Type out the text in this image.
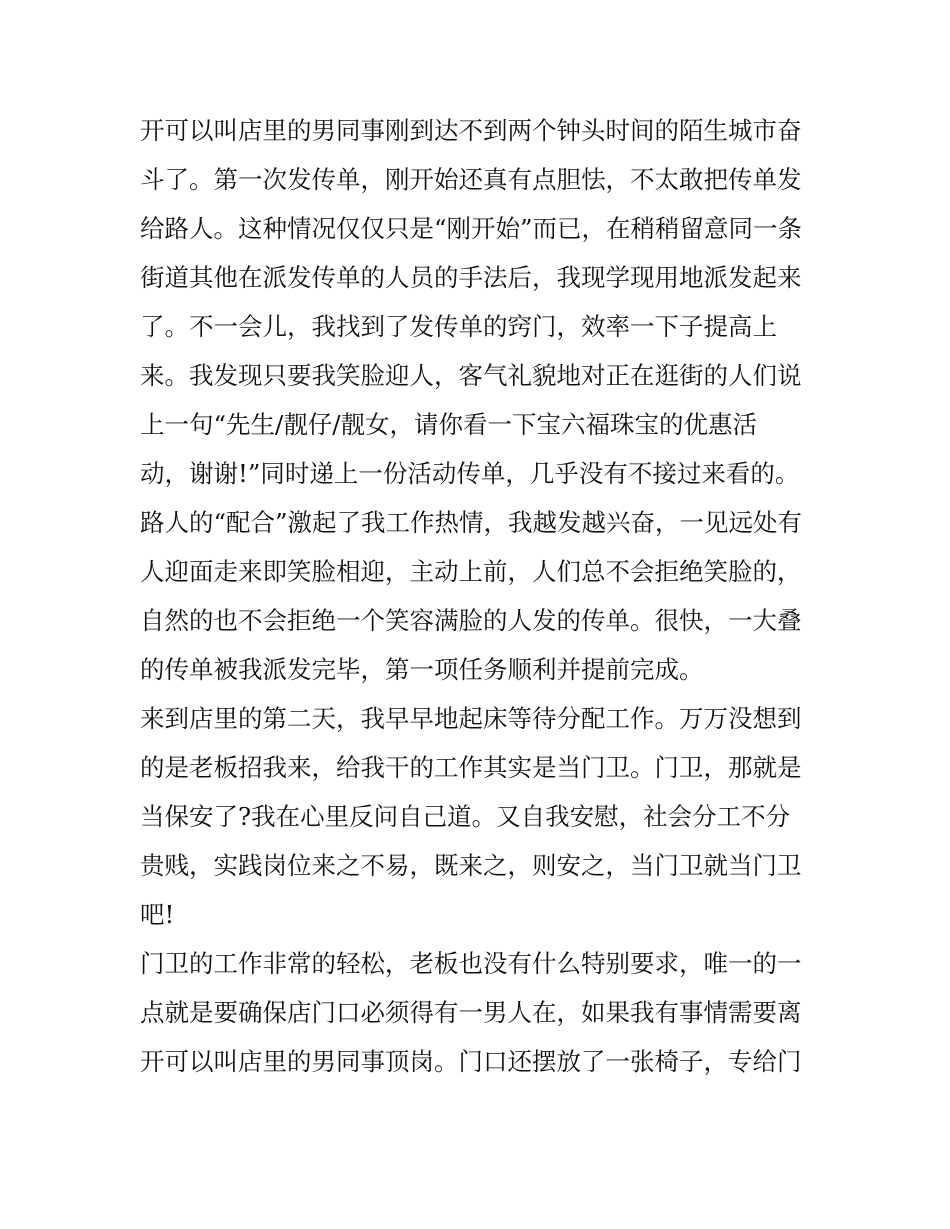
开可以叫店里的男同事刚到达不到两个钟头时间的陌生城市奋
斗了。第一次发传单，刚开始还真有点胆怯，不太敢把传单发
给路人。这种情况仅仅只是“刚开始”而已，在稍稍留意同一条
街道其他在派发传单的人员的手法后，我现学现用地派发起来
了。不一会儿，我找到了发传单的窍门，效率一下子提高上
来。我发现只要我笑脸迎人，客气礼貌地对正在逛街的人们说
上一句“先生/靓仔/靓女，请你看一下宝六福珠宝的优惠活
动，谢谢!”同时递上一份活动传单，几乎没有不接过来看的。
路人的“配合”激起了我工作热情，我越发越兴奋，一见远处有
人迎面走来即笑脸相迎，主动上前，人们总不会拒绝笑脸的，
自然的也不会拒绝一个笑容满脸的人发的传单。很快，一大叠
的传单被我派发完毕，第一项任务顺利并提前完成。
来到店里的第二天，我早早地起床等待分配工作。万万没想到
的是老板招我来，给我干的工作其实是当门卫。门卫，那就是
当保安了?我在心里反问自己道。又自我安慰，社会分工不分
贵贱，实践岗位来之不易，既来之，则安之，当门卫就当门卫
吧!
门卫的工作非常的轻松，老板也没有什么特别要求，唯一的一
点就是要确保店门口必须得有一男人在，如果我有事情需要离
开可以叫店里的男同事顶岗。门口还摆放了一张椅子，专给门
